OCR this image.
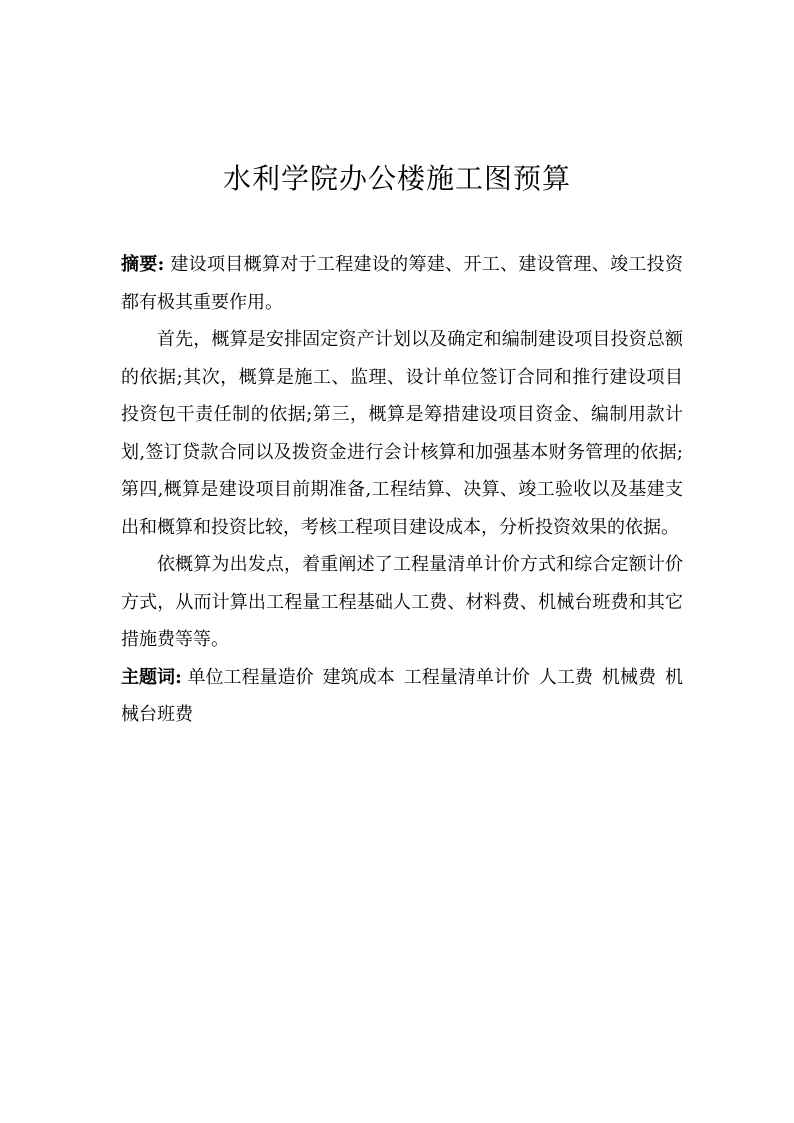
水利学院办公楼施工图预算

摘要: 建设项目概算对于工程建设的筹建、开工、建设管理、竣工投资都有极其重要作用。

首先，概算是安排固定资产计划以及确定和编制建设项目投资总额的依据;其次，概算是施工、监理、设计单位签订合同和推行建设项目投资包干责任制的依据;第三，概算是筹措建设项目资金、编制用款计划,签订贷款合同以及拨资金进行会计核算和加强基本财务管理的依据;第四,概算是建设项目前期准备,工程结算、决算、竣工验收以及基建支出和概算和投资比较，考核工程项目建设成本，分析投资效果的依据。

依概算为出发点，着重阐述了工程量清单计价方式和综合定额计价方式，从而计算出工程量工程基础人工费、材料费、机械台班费和其它措施费等等。

主题词: 单位工程量造价 建筑成本 工程量清单计价 人工费 机械费 机械台班费
